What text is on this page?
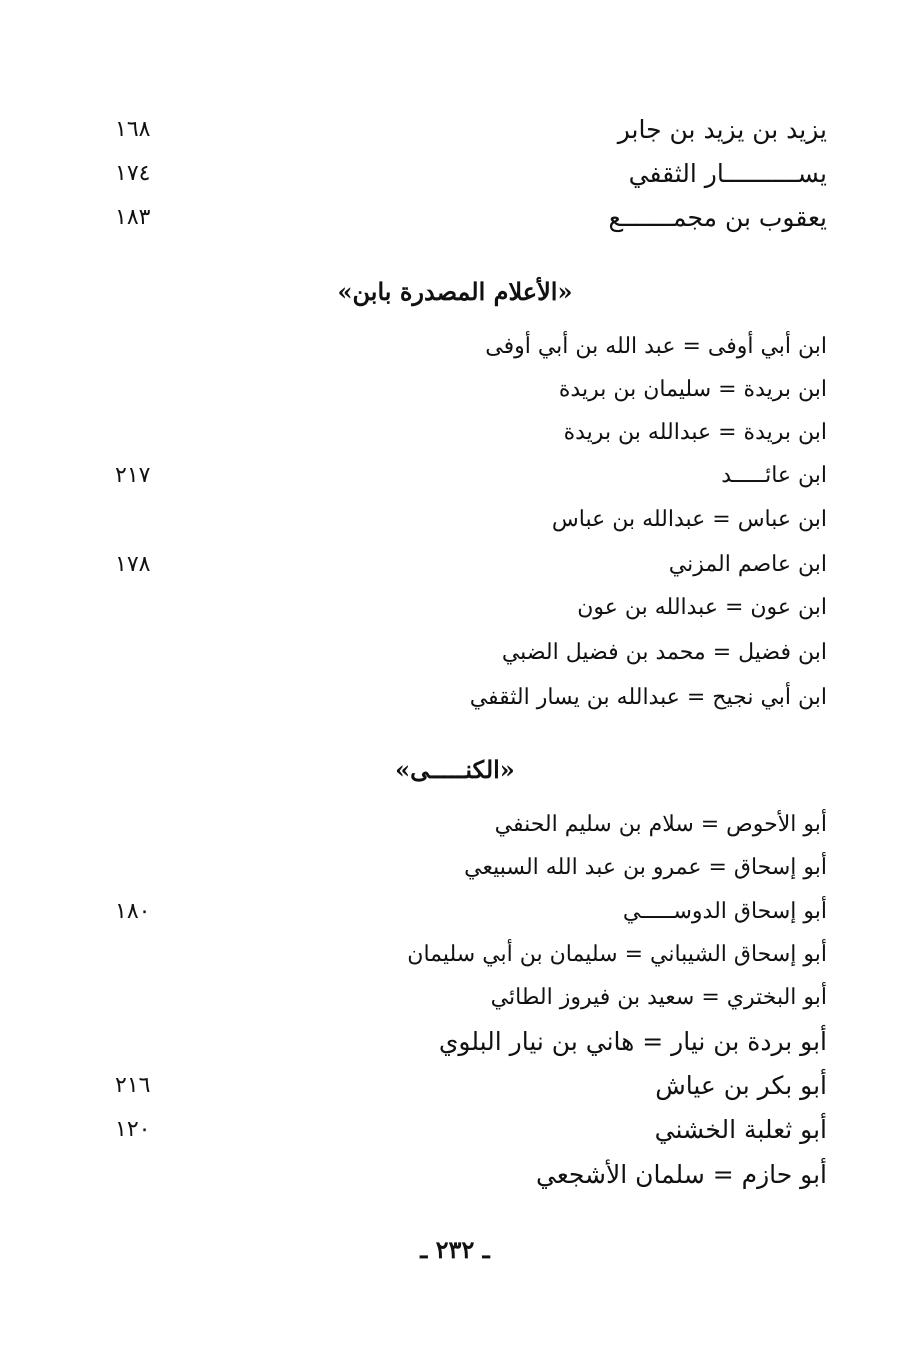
يزيد بن يزيد بن جابر
١٦٨
يســــــــــار الثقفي
١٧٤
يعقوب بن مجمـــــــع
١٨٣
«الأعلام المصدرة بابن»
ابن أبي أوفى = عبد الله بن أبي أوفى
ابن بريدة = سليمان بن بريدة
ابن بريدة = عبدالله بن بريدة
ابن عائـــــد
٢١٧
ابن عباس = عبدالله بن عباس
ابن عاصم المزني
١٧٨
ابن عون = عبدالله بن عون
ابن فضيل = محمد بن فضيل الضبي
ابن أبي نجيح = عبدالله بن يسار الثقفي
«الكنـــــى»
أبو الأحوص = سلام بن سليم الحنفي
أبو إسحاق = عمرو بن عبد الله السبيعي
أبو إسحاق الدوســـــي
١٨٠
أبو إسحاق الشيباني = سليمان بن أبي سليمان
أبو البختري = سعيد بن فيروز الطائي
أبو بردة بن نيار = هاني بن نيار البلوي
أبو بكر بن عياش
٢١٦
أبو ثعلبة الخشني
١٢٠
أبو حازم = سلمان الأشجعي
ـ ٢٣٢ ـ
